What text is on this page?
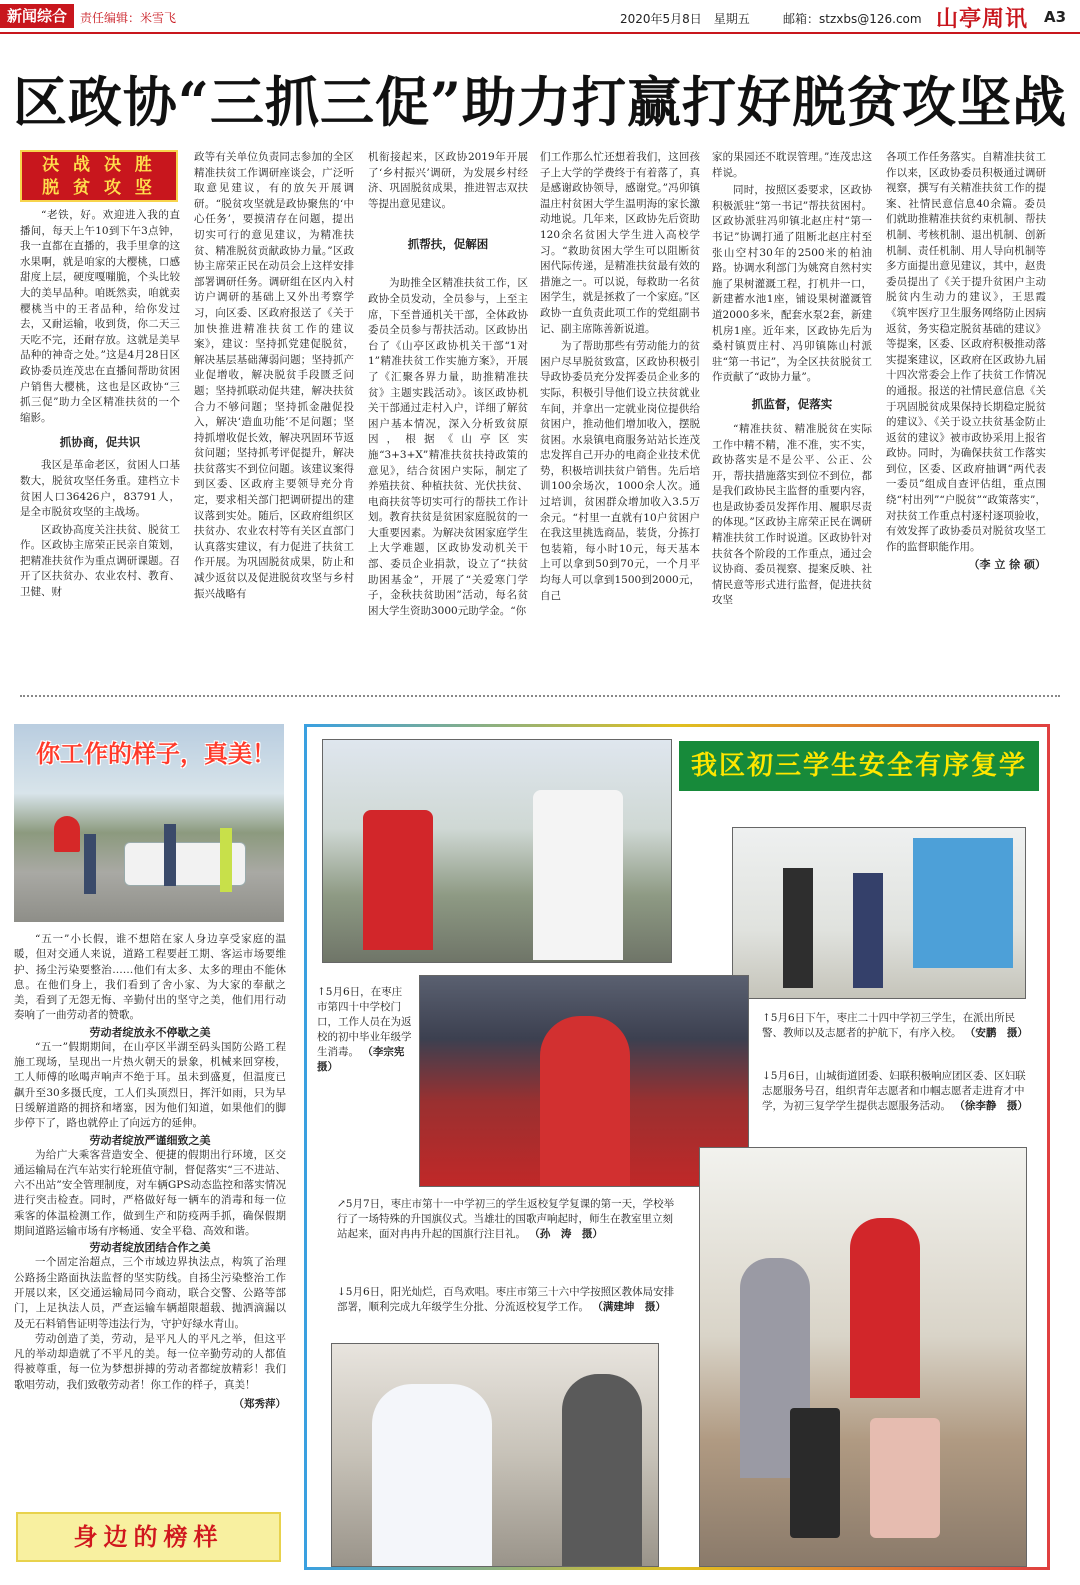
新闻综合	责任编辑：米雪飞	2020年5月8日　星期五	邮箱：stzxbs@126.com 山亭周讯 A3
区政协“三抓三促”助力打赢打好脱贫攻坚战
决 战 决 胜
脱 贫 攻 坚

“老铁，好。欢迎进入我的直播间，每天上午10到下午3点钟，我一直都在直播的，我手里拿的这水果啊，就是咱家的大樱桃，口感甜度上层，硬度嘎嘣脆，个头比较大的美早品种。咱既然卖，咱就卖樱桃当中的王者品种，给你发过去，又耐运输，收到货，你二天三天吃不完，还耐存放。这就是美早品种的神奇之处。”这是4月28日区政协委员连茂忠在直播间帮助贫困户销售大樱桃，这也是区政协“三抓三促”助力全区精准扶贫的一个缩影。

抓协商，促共识

我区是革命老区，贫困人口基数大，脱贫攻坚任务重。建档立卡贫困人口36426户，83791人，是全市脱贫攻坚的主战场。

区政协高度关注扶贫、脱贫工作。区政协主席荣正民亲自策划，把精准扶贫作为重点调研课题。召开了区扶贫办、农业农村、教育、卫健、财

政等有关单位负责同志参加的全区精准扶贫工作调研座谈会，广泛听取意见建议，有的放矢开展调研。“脱贫攻坚就是政协聚焦的‘中心任务’，要摸清存在问题，提出切实可行的意见建议，为精准扶贫、精准脱贫贡献政协力量。”区政协主席荣正民在动员会上这样安排部署调研任务。调研组在区内入村访户调研的基础上又外出考察学习，向区委、区政府报送了《关于加快推进精准扶贫工作的建议案》，建议：坚持抓党建促脱贫，解决基层基础薄弱问题；坚持抓产业促增收，解决脱贫手段匮乏问题；坚持抓联动促共建，解决扶贫合力不够问题；坚持抓金融促投入，解决‘造血功能’不足问题；坚持抓增收促长效，解决巩固环节返贫问题；坚持抓考评促提升，解决扶贫落实不到位问题。该建议案得到区委、区政府主要领导充分肯定，要求相关部门把调研提出的建议落到实处。随后，区政府组织区扶贫办、农业农村等有关区直部门认真落实建议，有力促进了扶贫工作开展。为巩固脱贫成果，防止和减少返贫以及促进脱贫攻坚与乡村振兴战略有

机衔接起来，区政协2019年开展了‘乡村振兴’调研，为发展乡村经济、巩固脱贫成果，推进智志双扶等提出意见建议。

抓帮扶，促解困

为助推全区精准扶贫工作，区政协全员发动，全员参与，上至主席，下至普通机关干部，全体政协委员全员参与帮扶活动。区政协出台了《山亭区政协机关干部“1对1”精准扶贫工作实施方案》，开展了《汇聚各界力量，助推精准扶贫》主题实践活动》。该区政协机关干部通过走村入户，详细了解贫困户基本情况，深入分析致贫原因，根据《山亭区实施“3+3+X”精准扶贫扶持政策的意见》，结合贫困户实际，制定了养殖扶贫、种植扶贫、光伏扶贫、电商扶贫等切实可行的帮扶工作计划。教育扶贫是贫困家庭脱贫的一大重要因素。为解决贫困家庭学生上大学难题，区政协发动机关干部、委员企业捐款，设立了“扶贫助困基金”，开展了“关爱寒门学子，金秋扶贫助困”活动，每名贫困大学生资助3000元助学金。“你

们工作那么忙还想着我们，这回孩子上大学的学费终于有着落了，真是感谢政协领导，感谢党。”冯卯镇温庄村贫困大学生温明海的家长激动地说。几年来，区政协先后资助120余名贫困大学生进入高校学习。“救助贫困大学生可以阻断贫困代际传递，是精准扶贫最有效的措施之一。可以说，每救助一名贫困学生，就是拯救了一个家庭。”区政协一直负责此项工作的党组副书记、副主席陈善新说道。

为了帮助那些有劳动能力的贫困户尽早脱贫致富，区政协积极引导政协委员充分发挥委员企业多的实际，积极引导他们设立扶贫就业车间，并拿出一定就业岗位提供给贫困户，推动他们增加收入，摆脱贫困。水泉镇电商服务站站长连茂忠发挥自己开办的电商企业技术优势，积极培训扶贫户销售。先后培训100余场次，1000余人次。通过培训，贫困群众增加收入3.5万余元。“村里一直就有10户贫困户在我这里挑选商品，装货，分拣打包装箱，每小时10元，每天基本上可以拿到50到70元，一个月平均每人可以拿到1500到2000元，自己

家的果园还不耽误管理。”连茂忠这样说。

同时，按照区委要求，区政协积极派驻“第一书记”帮扶贫困村。区政协派驻冯卯镇北赵庄村“第一书记”协调打通了阻断北赵庄村至张山空村30年的2500米的柏油路。协调水利部门为姚窝自然村实施了果树灌溉工程，打机井一口，新建蓄水池1座，铺设果树灌溉管道2000多米，配套水泵2套，新建机房1座。近年来，区政协先后为桑村镇贾庄村、冯卯镇陈山村派驻“第一书记”，为全区扶贫脱贫工作贡献了“政协力量”。

抓监督，促落实

“精准扶贫、精准脱贫在实际工作中精不精，准不准，实不实，政协落实是不是公平、公正、公开，帮扶措施落实到位不到位，都是我们政协民主监督的重要内容，也是政协委员发挥作用、履职尽责的体现。”区政协主席荣正民在调研精准扶贫工作时说道。区政协针对扶贫各个阶段的工作重点，通过会议协商、委员视察、提案反映、社情民意等形式进行监督，促进扶贫攻坚

各项工作任务落实。自精准扶贫工作以来，区政协委员积极通过调研视察，撰写有关精准扶贫工作的提案、社情民意信息40余篇。委员们就助推精准扶贫约束机制、帮扶机制、考核机制、退出机制、创新机制、责任机制、用人导向机制等多方面提出意见建议，其中，赵贵委员提出了《关于提升贫困户主动脱贫内生动力的建议》，王思霞《筑牢医疗卫生服务网络防止因病返贫，务实稳定脱贫基础的建议》等提案，区委、区政府积极推动落实提案建议，区政府在区政协九届十四次常委会上作了扶贫工作情况的通报。报送的社情民意信息《关于巩固脱贫成果保持长期稳定脱贫的建议》、《关于设立扶贫基金防止返贫的建议》被市政协采用上报省政协。同时，为确保扶贫工作落实到位，区委、区政府抽调“两代表一委员”组成自查评估组，重点围绕“村出列”“户脱贫”“政策落实”，对扶贫工作重点村逐村逐项验收，有效发挥了政协委员对脱贫攻坚工作的监督职能作用。

（李 立 徐 硕）

你工作的样子，真美！

“五一”小长假，谁不想陪在家人身边享受家庭的温暖，但对交通人来说，道路工程要赶工期、客运市场要维护、扬尘污染要整治……他们有太多、太多的理由不能休息。在他们身上，我们看到了舍小家、为大家的奉献之美，看到了无怨无悔、辛勤付出的坚守之美，他们用行动奏响了一曲劳动者的赞歌。

劳动者绽放永不停歇之美

“五一”假期期间，在山亭区半湖至码头国防公路工程施工现场，呈现出一片热火朝天的景象，机械来回穿梭，工人师傅的吆喝声响声不绝于耳。虽未到盛夏，但温度已飙升至30多摄氏度，工人们头顶烈日，挥汗如雨，只为早日缓解道路的拥挤和堵塞，因为他们知道，如果他们的脚步停下了，路也就停止了向远方的延伸。

劳动者绽放严谨细致之美

为给广大乘客营造安全、便捷的假期出行环境，区交通运输局在汽车站实行轮班值守制，督促落实“三不进站、六不出站”安全管理制度，对车辆GPS动态监控和落实情况进行突击检查。同时，严格做好每一辆车的消毒和每一位乘客的体温检测工作，做到生产和防疫两手抓，确保假期期间道路运输市场有序畅通、安全平稳、高效和谐。

劳动者绽放团结合作之美

一个固定治超点，三个市域边界执法点，构筑了治理公路扬尘路面执法监督的坚实防线。自扬尘污染整治工作开展以来，区交通运输局同今商动，联合交警、公路等部门，上足执法人员，严查运输车辆超限超载、抛洒滴漏以及无石料销售证明等违法行为，守护好绿水青山。

劳动创造了美，劳动，是平凡人的平凡之举，但这平凡的举动却造就了不平凡的美。每一位辛勤劳动的人都值得被尊重，每一位为梦想拼搏的劳动者都绽放精彩！我们歌唱劳动，我们致敬劳动者！你工作的样子，真美！

（郑秀萍）

身边的榜样
我区初三学生安全有序复学
↑5月6日，在枣庄市第四十中学校门口，工作人员在为返校的初中毕业年级学生消毒。 （李宗宪　摄）
↑5月6日下午，枣庄二十四中学初三学生，在派出所民警、教师以及志愿者的护航下，有序入校。 （安鹏　摄）
↓5月6日，山城街道团委、妇联积极响应团区委、区妇联志愿服务号召，组织青年志愿者和巾帼志愿者走进育才中学，为初三复学学生提供志愿服务活动。 （徐李静　摄）
↗5月7日，枣庄市第十一中学初三的学生返校复学复课的第一天，学校举行了一场特殊的升国旗仪式。当雄壮的国歌声响起时，师生在教室里立刻站起来，面对冉冉升起的国旗行注目礼。 （孙　涛　摄）
↓5月6日，阳光灿烂，百鸟欢唱。枣庄市第三十六中学按照区教体局安排部署，顺利完成九年级学生分批、分流返校复学工作。 （满建坤　摄）
